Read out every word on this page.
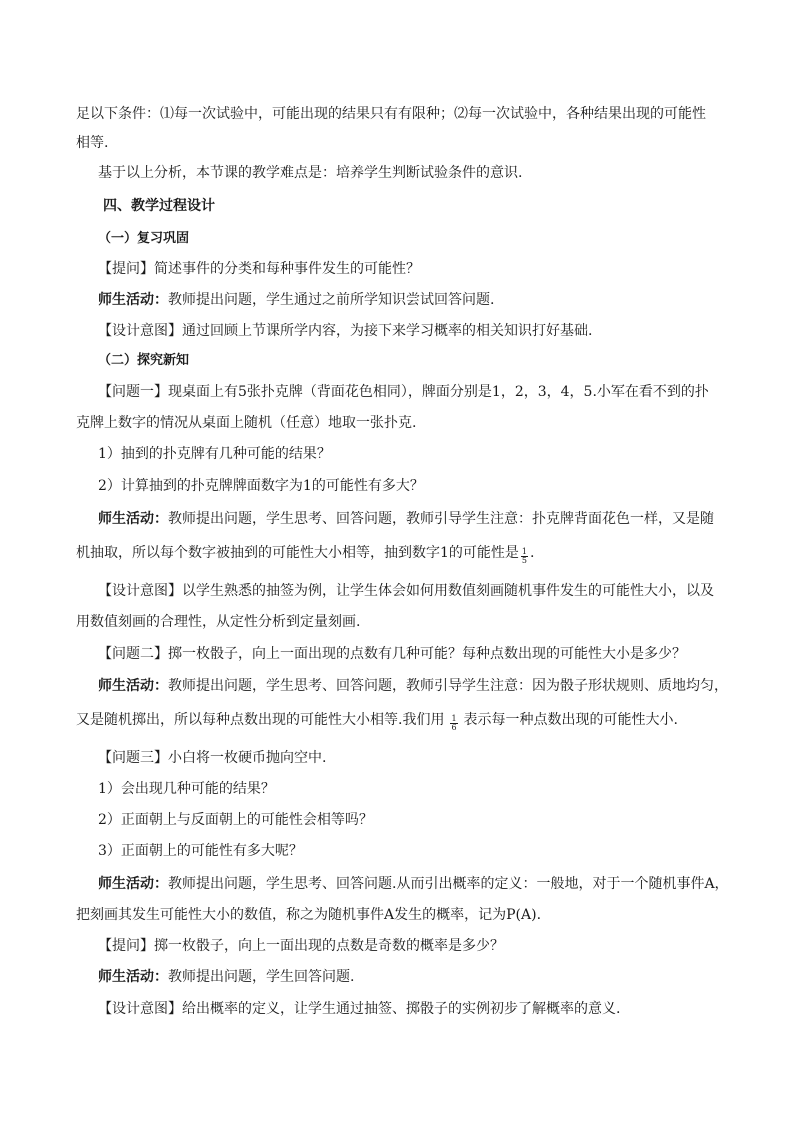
足以下条件：⑴每一次试验中，可能出现的结果只有有限种；⑵每一次试验中，各种结果出现的可能性
相等.
基于以上分析，本节课的教学难点是：培养学生判断试验条件的意识.
四、教学过程设计
（一）复习巩固
【提问】简述事件的分类和每种事件发生的可能性？
师生活动：教师提出问题，学生通过之前所学知识尝试回答问题.
【设计意图】通过回顾上节课所学内容，为接下来学习概率的相关知识打好基础.
（二）探究新知
【问题一】现桌面上有5张扑克牌（背面花色相同），牌面分别是1，2，3，4，5.小军在看不到的扑
克牌上数字的情况从桌面上随机（任意）地取一张扑克.
1）抽到的扑克牌有几种可能的结果？
2）计算抽到的扑克牌牌面数字为1的可能性有多大？
师生活动：教师提出问题，学生思考、回答问题，教师引导学生注意：扑克牌背面花色一样，又是随
机抽取，所以每个数字被抽到的可能性大小相等，抽到数字1的可能性是 $\frac{1}{5}$ .
【设计意图】以学生熟悉的抽签为例，让学生体会如何用数值刻画随机事件发生的可能性大小，以及
用数值刻画的合理性，从定性分析到定量刻画.
【问题二】掷一枚骰子，向上一面出现的点数有几种可能？每种点数出现的可能性大小是多少？
师生活动：教师提出问题，学生思考、回答问题，教师引导学生注意：因为骰子形状规则、质地均匀，
又是随机掷出，所以每种点数出现的可能性大小相等.我们用 $\frac{1}{6}$ 表示每一种点数出现的可能性大小.
【问题三】小白将一枚硬币抛向空中.
1）会出现几种可能的结果？
2）正面朝上与反面朝上的可能性会相等吗？
3）正面朝上的可能性有多大呢？
师生活动：教师提出问题，学生思考、回答问题.从而引出概率的定义：一般地，对于一个随机事件A，
把刻画其发生可能性大小的数值，称之为随机事件A发生的概率，记为P(A).
【提问】掷一枚骰子，向上一面出现的点数是奇数的概率是多少？
师生活动：教师提出问题，学生回答问题.
【设计意图】给出概率的定义，让学生通过抽签、掷骰子的实例初步了解概率的意义.
